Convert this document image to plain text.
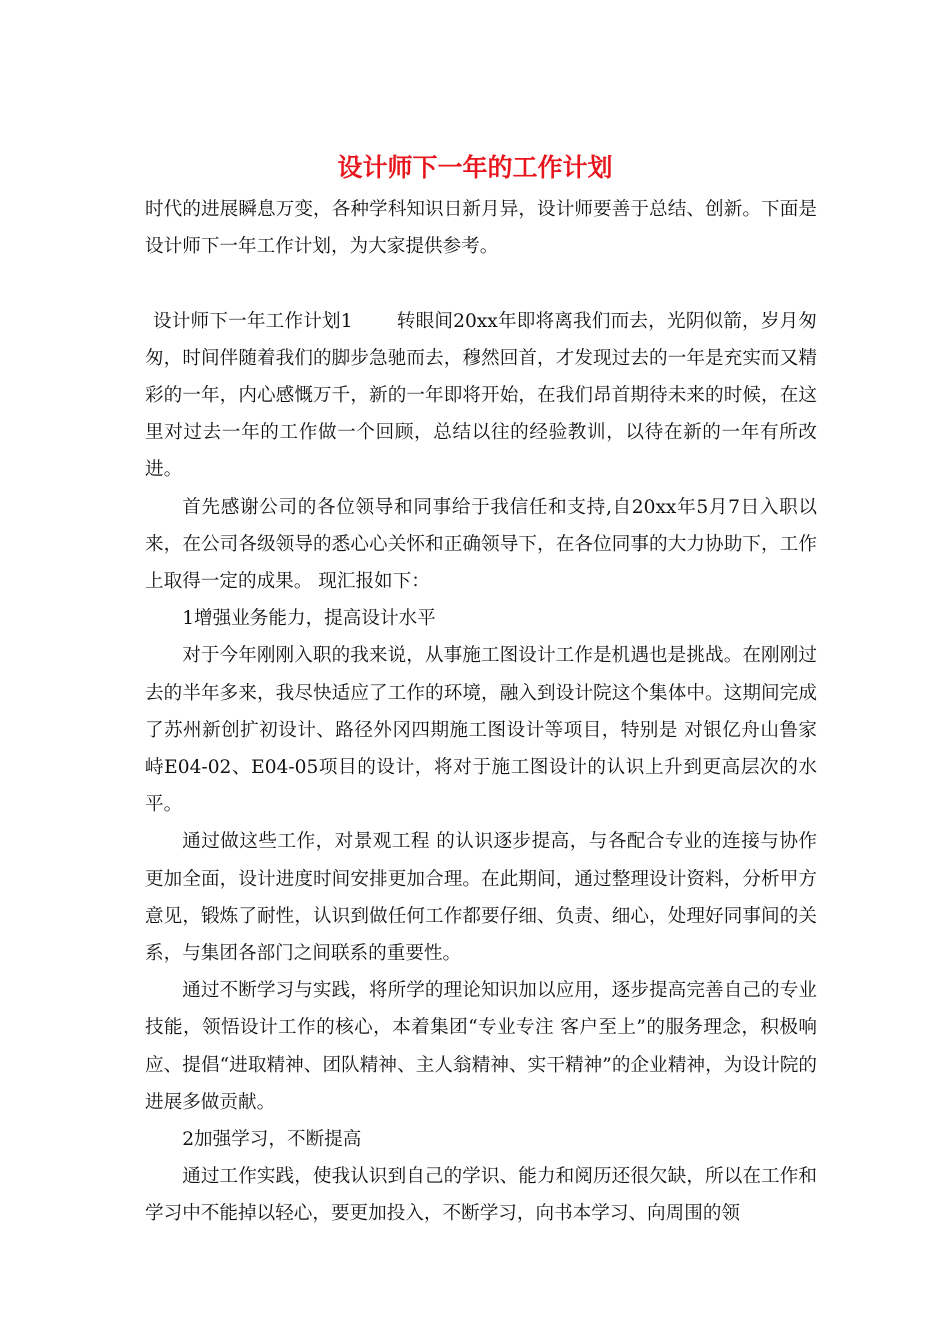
设计师下一年的工作计划

时代的进展瞬息万变，各种学科知识日新月异，设计师要善于总结、创新。下面是设计师下一年工作计划，为大家提供参考。

设计师下一年工作计划1 转眼间20xx年即将离我们而去，光阴似箭，岁月匆匆，时间伴随着我们的脚步急驰而去，穆然回首，才发现过去的一年是充实而又精彩的一年，内心感慨万千，新的一年即将开始，在我们昂首期待未来的时候，在这里对过去一年的工作做一个回顾，总结以往的经验教训，以待在新的一年有所改进。

首先感谢公司的各位领导和同事给于我信任和支持,自20xx年5月7日入职以来，在公司各级领导的悉心心关怀和正确领导下，在各位同事的大力协助下，工作上取得一定的成果。 现汇报如下：

1增强业务能力，提高设计水平

对于今年刚刚入职的我来说，从事施工图设计工作是机遇也是挑战。在刚刚过去的半年多来，我尽快适应了工作的环境，融入到设计院这个集体中。这期间完成了苏州新创扩初设计、路径外冈四期施工图设计等项目，特别是 对银亿舟山鲁家峙E04-02、E04-05项目的设计，将对于施工图设计的认识上升到更高层次的水平。

通过做这些工作，对景观工程 的认识逐步提高，与各配合专业的连接与协作更加全面，设计进度时间安排更加合理。在此期间，通过整理设计资料，分析甲方意见，锻炼了耐性，认识到做任何工作都要仔细、负责、细心，处理好同事间的关系，与集团各部门之间联系的重要性。

通过不断学习与实践，将所学的理论知识加以应用，逐步提高完善自己的专业技能，领悟设计工作的核心，本着集团“专业专注 客户至上”的服务理念，积极响应、提倡“进取精神、团队精神、主人翁精神、实干精神”的企业精神，为设计院的进展多做贡献。

2加强学习，不断提高

通过工作实践，使我认识到自己的学识、能力和阅历还很欠缺，所以在工作和学习中不能掉以轻心，要更加投入，不断学习，向书本学习、向周围的领
